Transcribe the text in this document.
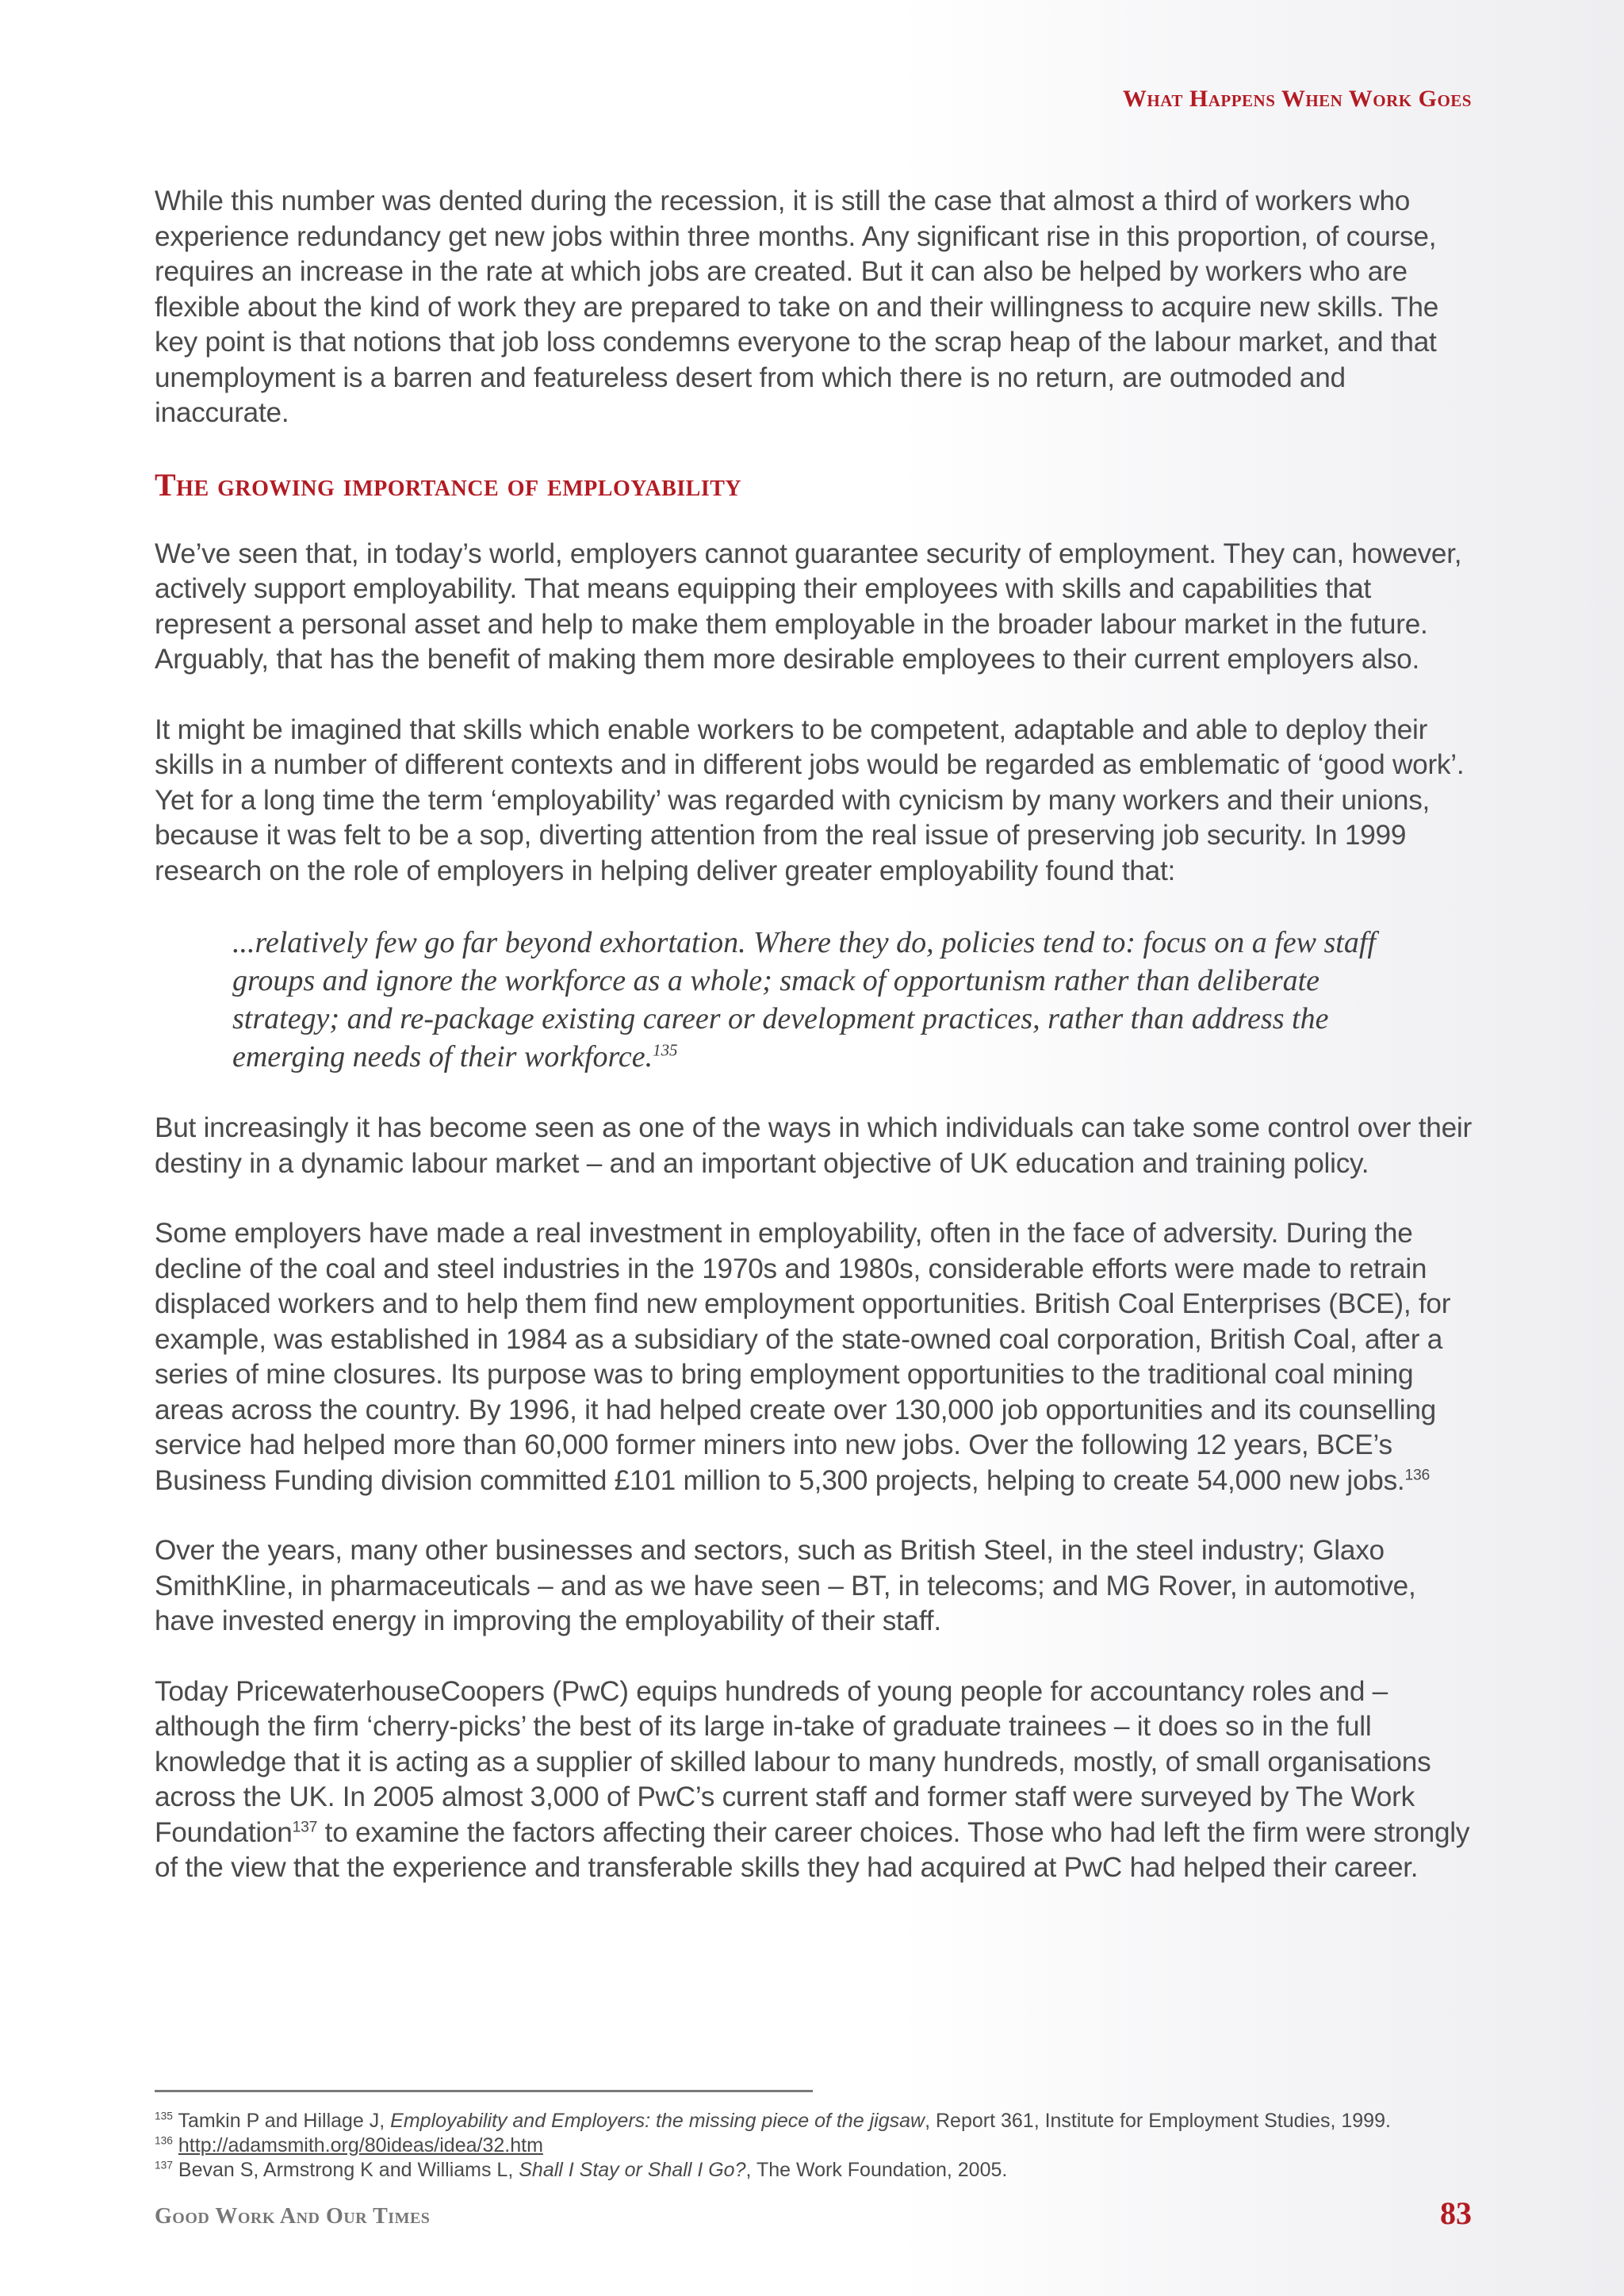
What Happens When Work Goes

While this number was dented during the recession, it is still the case that almost a third of workers who experience redundancy get new jobs within three months. Any significant rise in this proportion, of course, requires an increase in the rate at which jobs are created. But it can also be helped by workers who are flexible about the kind of work they are prepared to take on and their willingness to acquire new skills. The key point is that notions that job loss condemns everyone to the scrap heap of the labour market, and that unemployment is a barren and featureless desert from which there is no return, are outmoded and inaccurate.

The growing importance of employability

We’ve seen that, in today’s world, employers cannot guarantee security of employment. They can, however, actively support employability. That means equipping their employees with skills and capabilities that represent a personal asset and help to make them employable in the broader labour market in the future. Arguably, that has the benefit of making them more desirable employees to their current employers also.

It might be imagined that skills which enable workers to be competent, adaptable and able to deploy their skills in a number of different contexts and in different jobs would be regarded as emblematic of ‘good work’. Yet for a long time the term ‘employability’ was regarded with cynicism by many workers and their unions, because it was felt to be a sop, diverting attention from the real issue of preserving job security. In 1999 research on the role of employers in helping deliver greater employability found that:

...relatively few go far beyond exhortation. Where they do, policies tend to: focus on a few staff groups and ignore the workforce as a whole; smack of opportunism rather than deliberate strategy; and re-package existing career or development practices, rather than address the emerging needs of their workforce.$^{135}$

But increasingly it has become seen as one of the ways in which individuals can take some control over their destiny in a dynamic labour market – and an important objective of UK education and training policy.

Some employers have made a real investment in employability, often in the face of adversity. During the decline of the coal and steel industries in the 1970s and 1980s, considerable efforts were made to retrain displaced workers and to help them find new employment opportunities. British Coal Enterprises (BCE), for example, was established in 1984 as a subsidiary of the state-owned coal corporation, British Coal, after a series of mine closures. Its purpose was to bring employment opportunities to the traditional coal mining areas across the country. By 1996, it had helped create over 130,000 job opportunities and its counselling service had helped more than 60,000 former miners into new jobs. Over the following 12 years, BCE’s Business Funding division committed £101 million to 5,300 projects, helping to create 54,000 new jobs.$^{136}$

Over the years, many other businesses and sectors, such as British Steel, in the steel industry; Glaxo SmithKline, in pharmaceuticals – and as we have seen – BT, in telecoms; and MG Rover, in automotive, have invested energy in improving the employability of their staff.

Today PricewaterhouseCoopers (PwC) equips hundreds of young people for accountancy roles and – although the firm ‘cherry-picks’ the best of its large in-take of graduate trainees – it does so in the full knowledge that it is acting as a supplier of skilled labour to many hundreds, mostly, of small organisations across the UK. In 2005 almost 3,000 of PwC’s current staff and former staff were surveyed by The Work Foundation$^{137}$ to examine the factors affecting their career choices. Those who had left the firm were strongly of the view that the experience and transferable skills they had acquired at PwC had helped their career.

$^{135}$ Tamkin P and Hillage J, Employability and Employers: the missing piece of the jigsaw, Report 361, Institute for Employment Studies, 1999.

$^{136}$ http://adamsmith.org/80ideas/idea/32.htm

$^{137}$ Bevan S, Armstrong K and Williams L, Shall I Stay or Shall I Go?, The Work Foundation, 2005.

Good Work And Our Times	83
